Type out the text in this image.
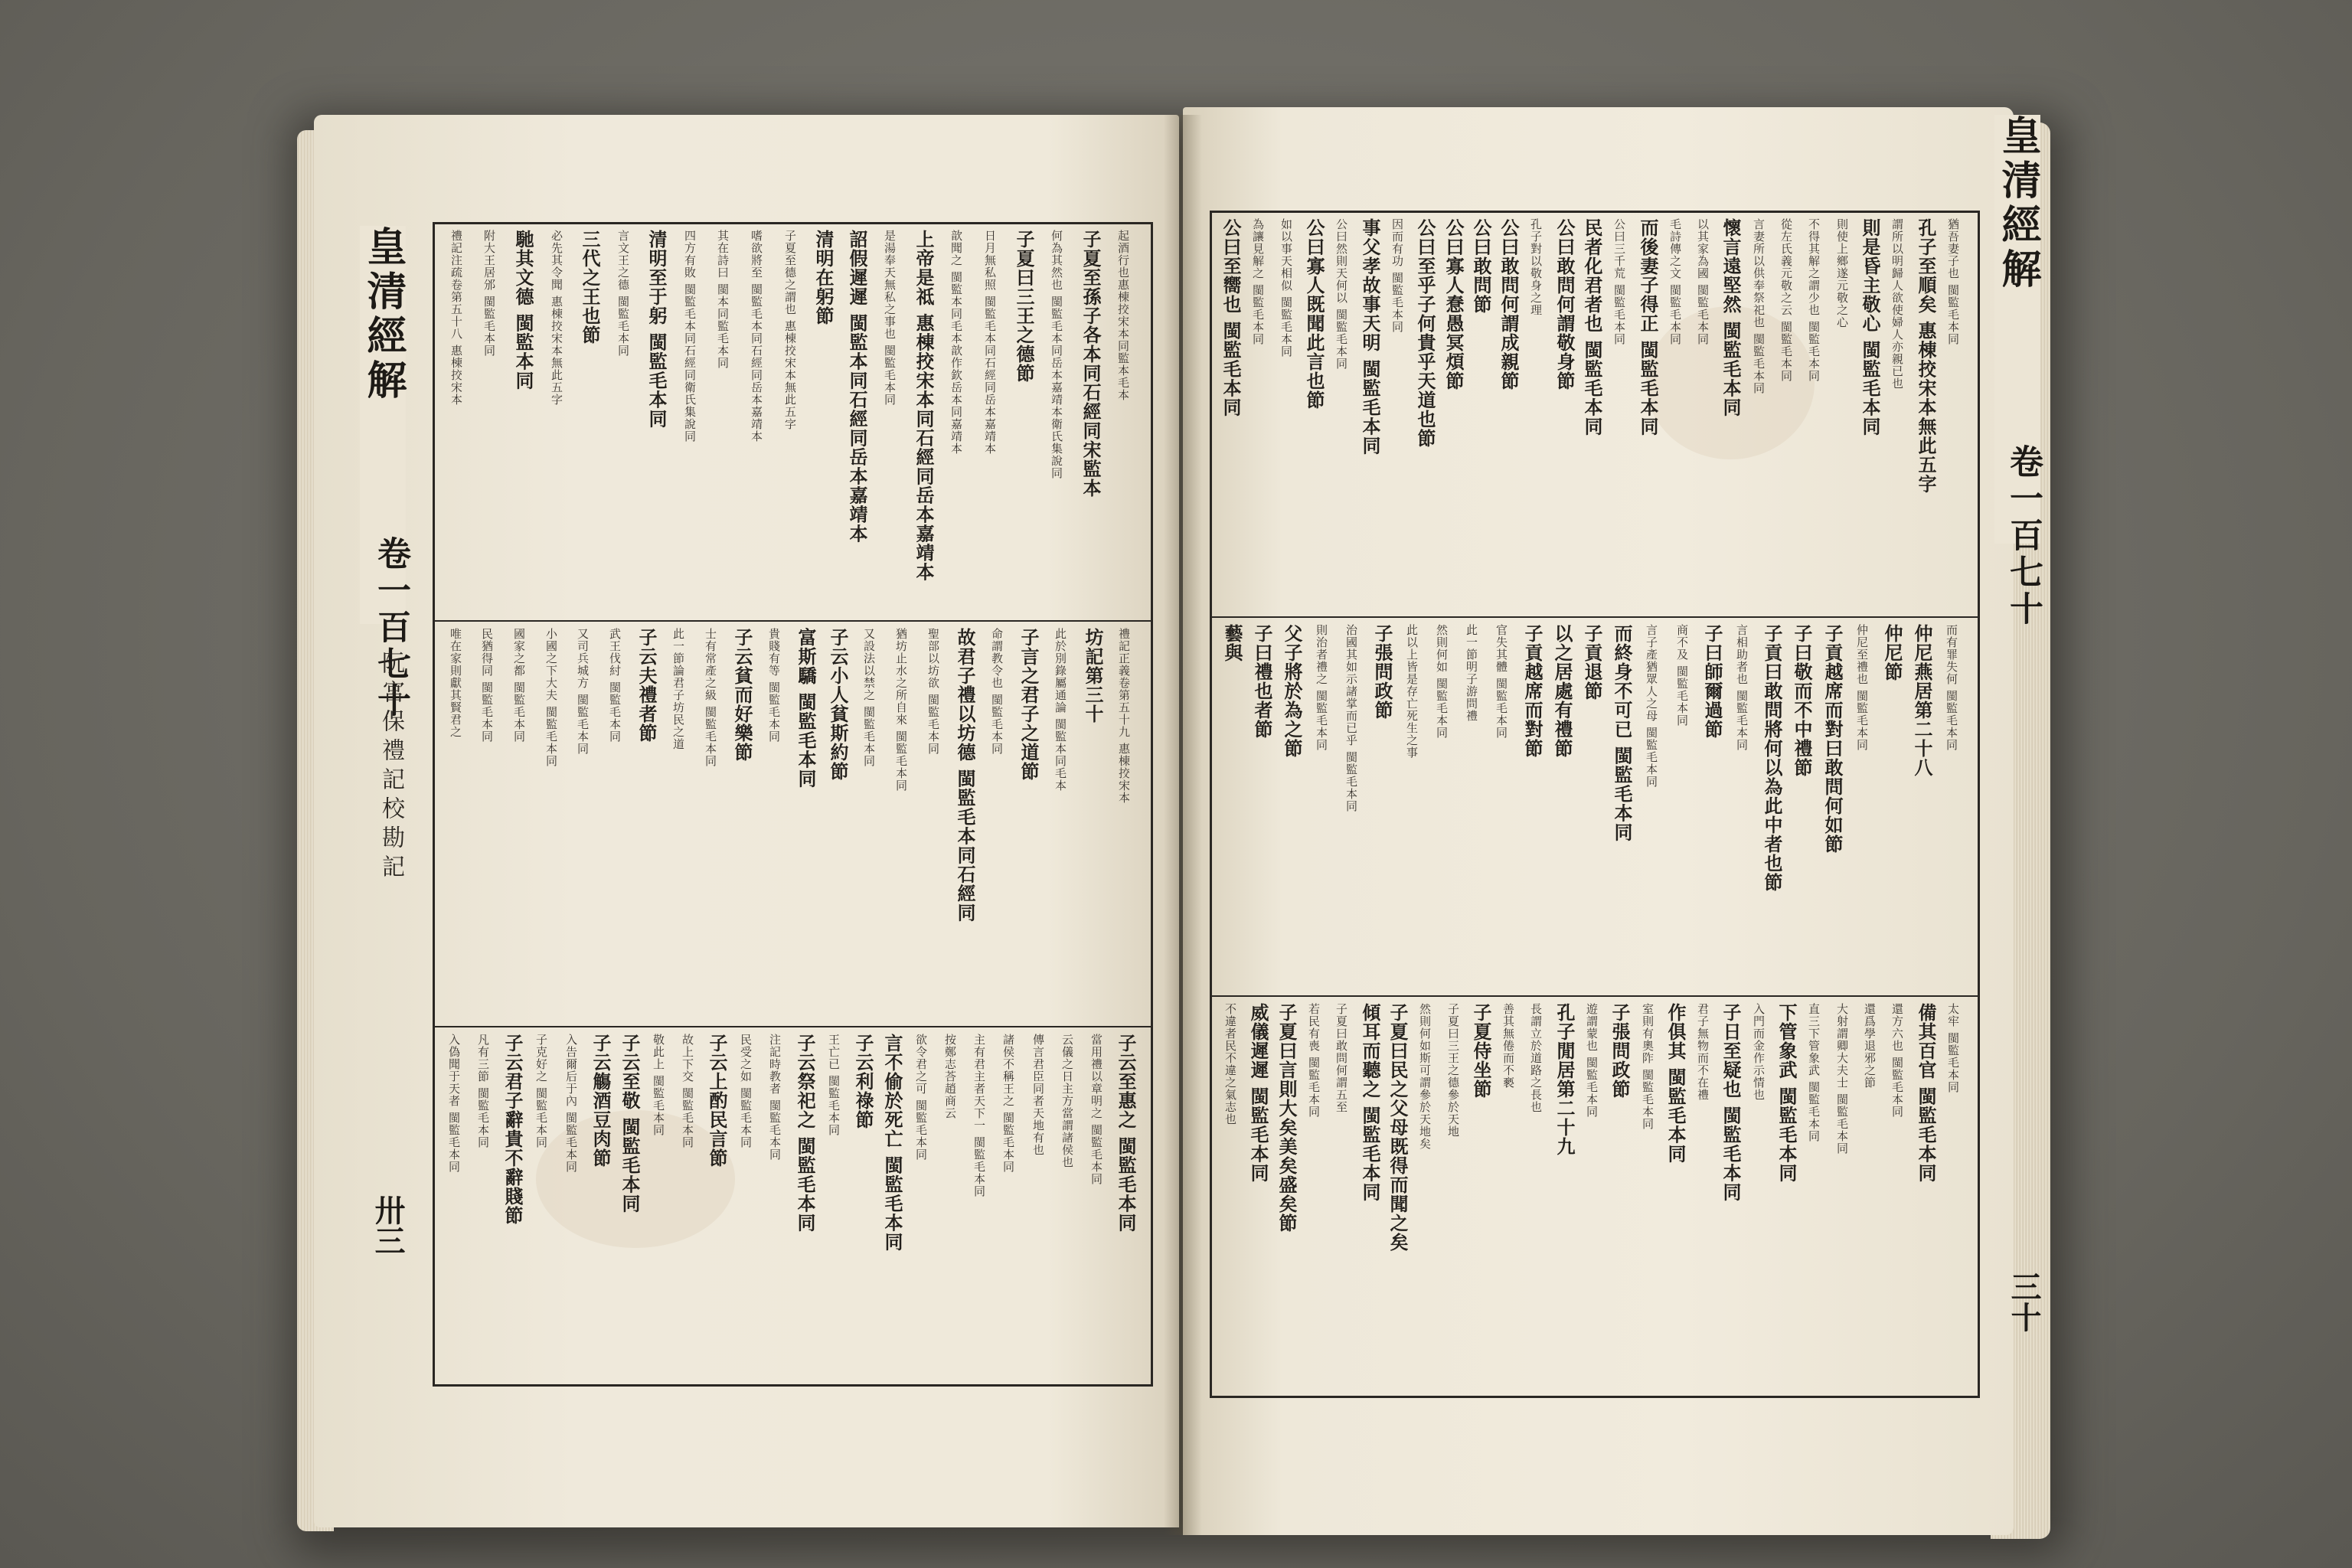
皇清經解
卷一百七十
阮宮保禮記校勘記
卅三
皇清經解
卷一百七十
三十
起酒行也惠棟挍宋本同監本毛本
子夏至孫子各本同石經同宋監本
何為其然也 閩監毛本同岳本嘉靖本衛氏集說同
子夏曰三王之德節
日月無私照 閩監毛本同石經同岳本嘉靖本
歆聞之 閩監本同毛本歆作欽岳本同嘉靖本
上帝是祗 惠棟挍宋本同石經同岳本嘉靖本
是湯奉天無私之事也 閩監毛本同
詔假遲遲 閩監本同石經同岳本嘉靖本
清明在躬節
子夏至德之謂也 惠棟挍宋本無此五字
嗜欲將至 閩監毛本同石經同岳本嘉靖本
其在詩曰 閩本同監毛本同
四方有敗 閩監毛本同石經同衛氏集說同
清明至于躬 閩監毛本同
言文王之德 閩監毛本同
三代之王也節
必先其令聞 惠棟挍宋本無此五字
馳其文德 閩監本同
附大王居邠 閩監毛本同
禮記注疏卷第五十八 惠棟挍宋本
禮記正義卷第五十九 惠棟挍宋本
坊記第三十
此於別錄屬通論 閩監本同毛本
子言之君子之道節
命謂教令也 閩監毛本同
故君子禮以坊德 閩監毛本同石經同
聖部以坊欲 閩監毛本同
猶坊止水之所自來 閩監毛本同
又設法以禁之 閩監毛本同
子云小人貧斯約節
富斯驕 閩監毛本同
貴賤有等 閩監毛本同
子云貧而好樂節
士有常產之級 閩監毛本同
此一節論君子坊民之道
子云夫禮者節
武王伐紂 閩監毛本同
又司兵城方 閩監毛本同
小國之下大夫 閩監毛本同
國家之都 閩監毛本同
民猶得同 閩監毛本同
唯在家則獻其賢君之
子云至惠之 閩監毛本同
當用禮以章明之 閩監毛本同
云儀之日主方當謂諸侯也
傳言君臣同者天地有也
諸侯不稱王之 閩監毛本同
主有君主者天下一 閩監毛本同
按鄭志荅趙商云
欲令君之可 閩監毛本同
言不偷於死亡 閩監毛本同
子云利祿節
王亡已 閩監毛本同
子云祭祀之 閩監毛本同
注記時教者 閩監毛本同
民受之如 閩監毛本同
子云上酌民言節
故上下交 閩監毛本同
敬此上 閩監毛本同
子云至敬 閩監毛本同
子云觴酒豆肉節
入告爾后于內 閩監毛本同
子克好之 閩監毛本同
子云君子辭貴不辭賤節
凡有三節 閩監毛本同
入偽聞于天者 閩監毛本同
猶吾妻子也 閩監毛本同
孔子至順矣 惠棟挍宋本無此五字
謂所以明歸人欲使婦人亦親已也
則是昏主敬心 閩監毛本同
則使上鄉遂元敬之心
不得其解之謂少也 閩監毛本同
從左氏義元敬之云 閩監毛本同
言妻所以供奉祭祀也 閩監毛本同
懷言遠堅然 閩監毛本同
以其家為國 閩監毛本同
毛詩傳之文 閩監毛本同
而後妻子得正 閩監毛本同
公曰三千荒 閩監毛本同
民者化君者也 閩監毛本同
公曰敢問何謂敬身節
孔子對以敬身之理
公曰敢問何謂成親節
公曰敢問節
公曰寡人惷愚冥煩節
公曰至乎子何貴乎天道也節
因而有功 閩監毛本同
事父孝故事天明 閩監毛本同
公曰然則天何以 閩監毛本同
公曰寡人既聞此言也節
如以事天相似 閩監毛本同
為讓見解之 閩監毛本同
公曰至嚮也 閩監毛本同
而有罪失何 閩監毛本同
仲尼燕居第二十八
仲尼節
仲尼至禮也 閩監毛本同
子貢越席而對曰敢問何如節
子曰敬而不中禮節
子貢曰敢問將何以為此中者也節
言相助者也 閩監毛本同
子曰師爾過節
商不及 閩監毛本同
言子產猶眾人之母 閩監毛本同
而終身不可已 閩監毛本同
子貢退節
以之居處有禮節
子貢越席而對節
官失其體 閩監毛本同
此一節明子游問禮
然則何如 閩監毛本同
此以上皆是存亡死生之事
子張問政節
治國其如示諸掌而已乎 閩監毛本同
則治者禮之 閩監毛本同
父子將於為之節
子曰禮也者節
藝與
太牢 閩監毛本同
備其百官 閩監毛本同
還方六也 閩監毛本同
還爲學退邪之節
大射謂卿大夫士 閩監毛本同
直三下管象武 閩監毛本同
下管象武 閩監毛本同
入門而金作示情也
子日至疑也 閩監毛本同
君子無物而不在禮
作俱其 閩監毛本同
室則有奧阼 閩監毛本同
子張問政節
遊謂蒙也 閩監毛本同
孔子閒居第二十九
長謂立於道路之長也
善其無倦而不褻
子夏侍坐節
子夏曰三王之德參於天地
然則何如斯可謂參於天地矣
子夏曰民之父母既得而聞之矣
傾耳而聽之 閩監毛本同
子夏曰敢問何謂五至
若民有喪 閩監毛本同
子夏曰言則大矣美矣盛矣節
威儀遲遲 閩監毛本同
不違者民不違之氣志也
